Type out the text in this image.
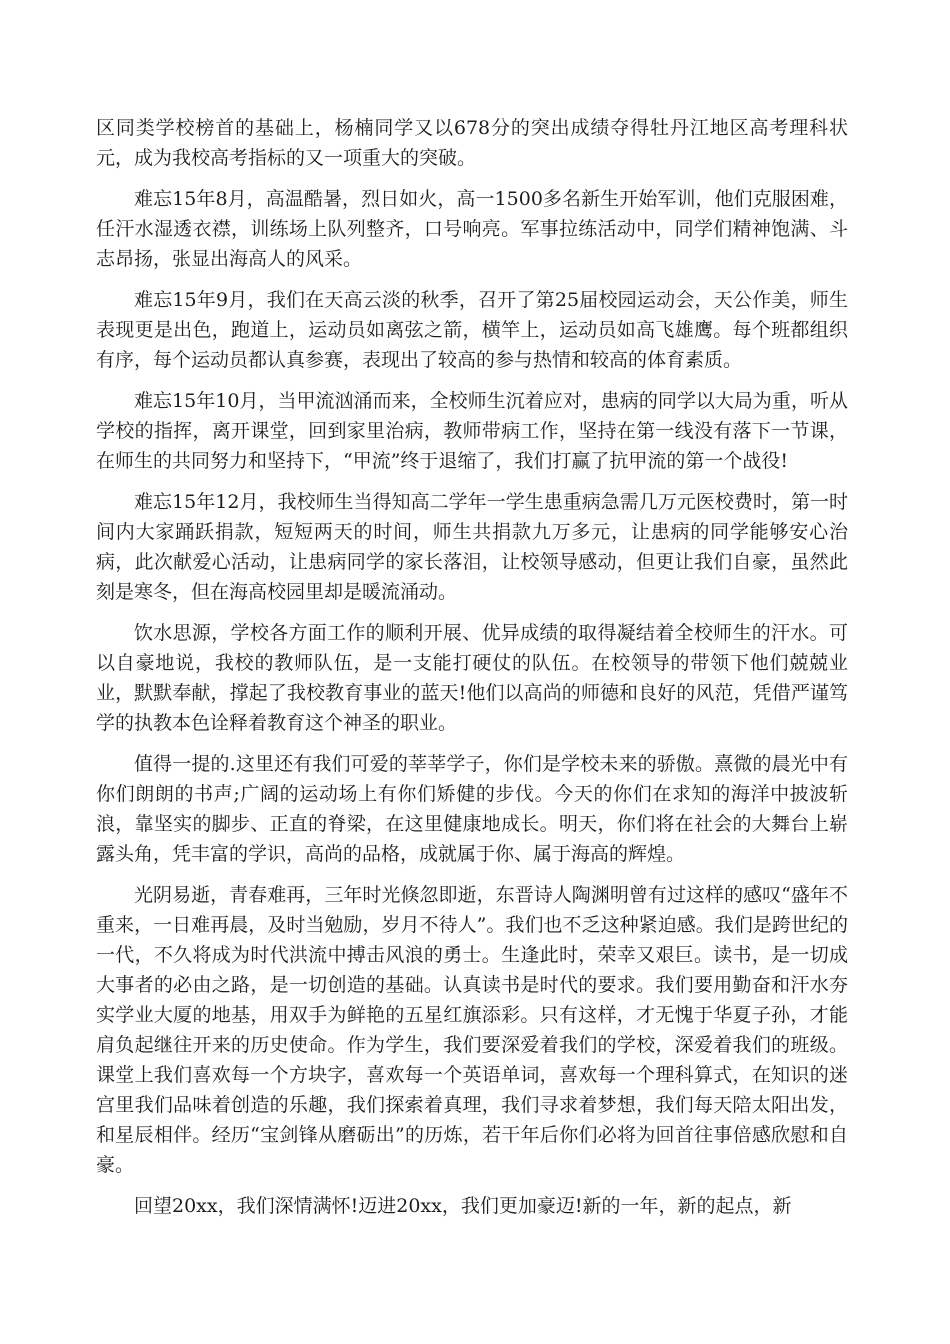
区同类学校榜首的基础上，杨楠同学又以678分的突出成绩夺得牡丹江地区高考理科状元，成为我校高考指标的又一项重大的突破。

难忘15年8月，高温酷暑，烈日如火，高一1500多名新生开始军训，他们克服困难，任汗水湿透衣襟，训练场上队列整齐，口号响亮。军事拉练活动中，同学们精神饱满、斗志昂扬，张显出海高人的风采。

难忘15年9月，我们在天高云淡的秋季，召开了第25届校园运动会，天公作美，师生表现更是出色，跑道上，运动员如离弦之箭，横竿上，运动员如高飞雄鹰。每个班都组织有序，每个运动员都认真参赛，表现出了较高的参与热情和较高的体育素质。

难忘15年10月，当甲流汹涌而来，全校师生沉着应对，患病的同学以大局为重，听从学校的指挥，离开课堂，回到家里治病，教师带病工作，坚持在第一线没有落下一节课，在师生的共同努力和坚持下，“甲流”终于退缩了，我们打赢了抗甲流的第一个战役!

难忘15年12月，我校师生当得知高二学年一学生患重病急需几万元医校费时，第一时间内大家踊跃捐款，短短两天的时间，师生共捐款九万多元，让患病的同学能够安心治病，此次献爱心活动，让患病同学的家长落泪，让校领导感动，但更让我们自豪，虽然此刻是寒冬，但在海高校园里却是暖流涌动。

饮水思源，学校各方面工作的顺利开展、优异成绩的取得凝结着全校师生的汗水。可以自豪地说，我校的教师队伍，是一支能打硬仗的队伍。在校领导的带领下他们兢兢业业，默默奉献，撑起了我校教育事业的蓝天!他们以高尚的师德和良好的风范，凭借严谨笃学的执教本色诠释着教育这个神圣的职业。

值得一提的.这里还有我们可爱的莘莘学子，你们是学校未来的骄傲。熹微的晨光中有你们朗朗的书声;广阔的运动场上有你们矫健的步伐。今天的你们在求知的海洋中披波斩浪，靠坚实的脚步、正直的脊梁，在这里健康地成长。明天，你们将在社会的大舞台上崭露头角，凭丰富的学识，高尚的品格，成就属于你、属于海高的辉煌。

光阴易逝，青春难再，三年时光倏忽即逝，东晋诗人陶渊明曾有过这样的感叹“盛年不重来，一日难再晨，及时当勉励，岁月不待人”。我们也不乏这种紧迫感。我们是跨世纪的一代，不久将成为时代洪流中搏击风浪的勇士。生逢此时，荣幸又艰巨。读书，是一切成大事者的必由之路，是一切创造的基础。认真读书是时代的要求。我们要用勤奋和汗水夯实学业大厦的地基，用双手为鲜艳的五星红旗添彩。只有这样，才无愧于华夏子孙，才能肩负起继往开来的历史使命。作为学生，我们要深爱着我们的学校，深爱着我们的班级。课堂上我们喜欢每一个方块字，喜欢每一个英语单词，喜欢每一个理科算式，在知识的迷宫里我们品味着创造的乐趣，我们探索着真理，我们寻求着梦想，我们每天陪太阳出发，和星辰相伴。经历“宝剑锋从磨砺出”的历炼，若干年后你们必将为回首往事倍感欣慰和自豪。

回望20xx，我们深情满怀!迈进20xx，我们更加豪迈!新的一年，新的起点，新
